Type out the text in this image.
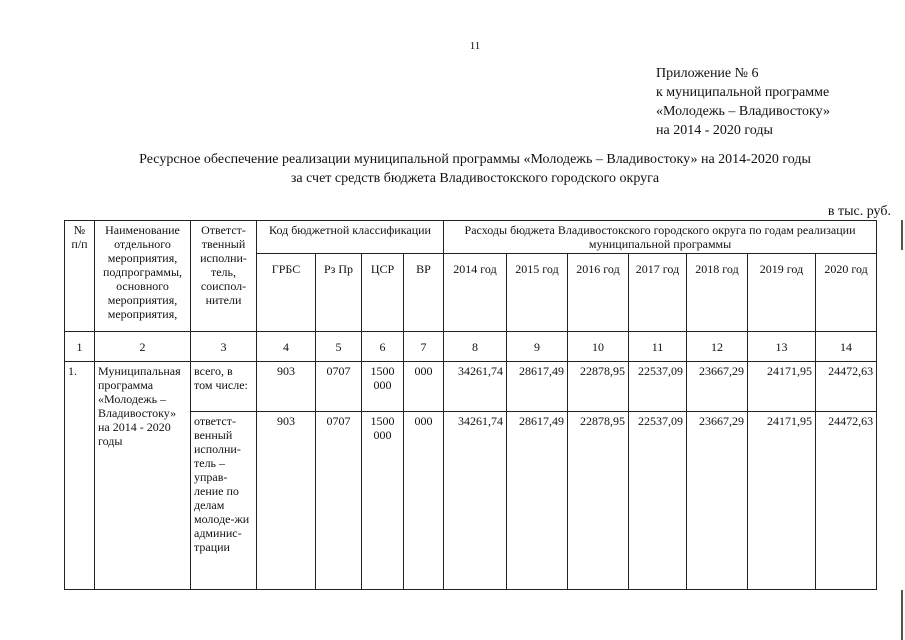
11
Приложение № 6
к муниципальной программе
«Молодежь – Владивостоку»
на 2014 - 2020 годы
Ресурсное обеспечение реализации муниципальной программы «Молодежь – Владивостоку» на 2014-2020 годы
за счет средств бюджета Владивостокского городского округа
в тыс. руб.
№ п/п	Наименование отдельного мероприятия, подпрограммы, основного мероприятия, мероприятия,	Ответст-твенный исполни-тель, соиспол-нители	Код бюджетной классификации				Расходы бюджета Владивостокского городского округа по годам реализации муниципальной программы						
			ГРБС	Рз Пр	ЦСР	ВР	2014 год	2015 год	2016 год	2017 год	2018 год	2019 год	2020 год
1	2	3	4	5	6	7	8	9	10	11	12	13	14
1.	Муниципальная программа «Молодежь – Владивостоку» на 2014 - 2020 годы	всего, в том числе:	903	0707	1500 000	000	34261,74	28617,49	22878,95	22537,09	23667,29	24171,95	24472,63
		ответст-венный исполни-тель – управ-ление по делам молоде-жи админис-трации	903	0707	1500 000	000	34261,74	28617,49	22878,95	22537,09	23667,29	24171,95	24472,63
